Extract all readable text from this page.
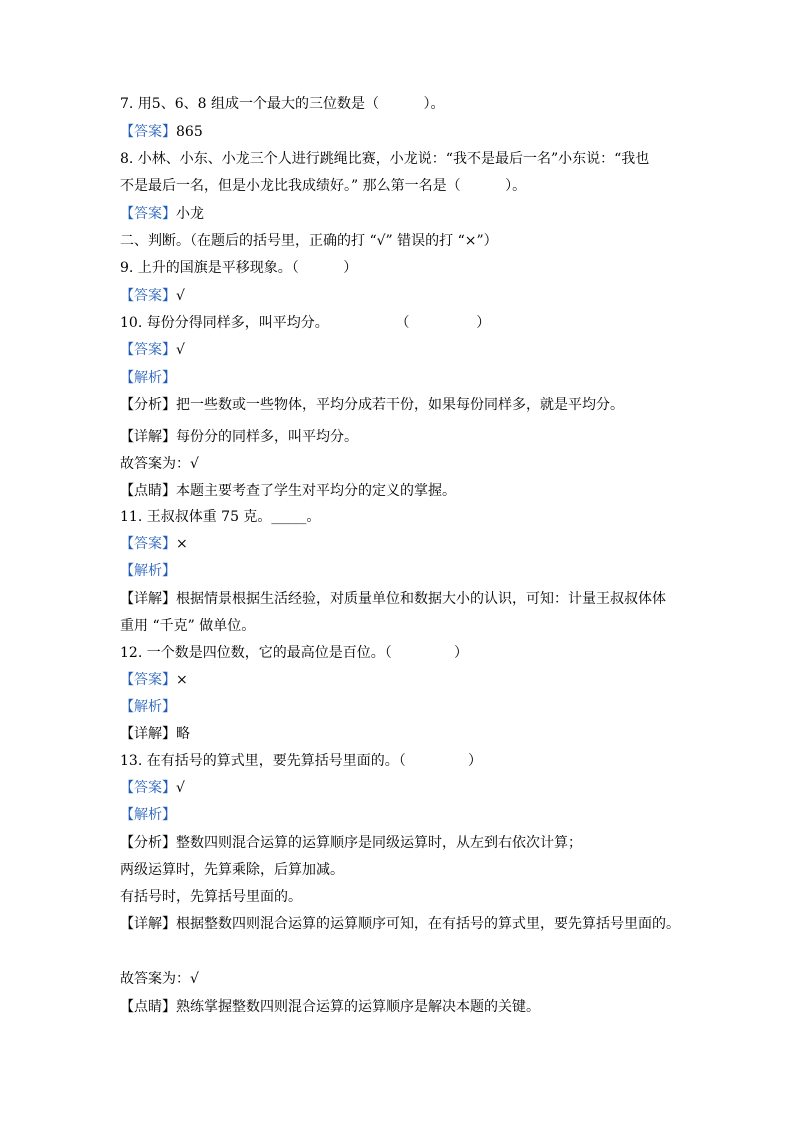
7. 用5、6、8 组成一个最大的三位数是（          ）。
【答案】865
8. 小林、小东、小龙三个人进行跳绳比赛，小龙说：“我不是最后一名”小东说：“我也
不是最后一名，但是小龙比我成绩好。” 那么第一名是（          ）。
【答案】小龙
二、判断。（在题后的括号里，正确的打 “√” 错误的打 “×”）
9. 上升的国旗是平移现象。（          ）
【答案】√
10. 每份分得同样多，叫平均分。               （               ）
【答案】√
【解析】
【分析】把一些数或一些物体，平均分成若干份，如果每份同样多，就是平均分。
【详解】每份分的同样多，叫平均分。
故答案为：√
【点睛】本题主要考查了学生对平均分的定义的掌握。
11. 王叔叔体重 75 克。_____。
【答案】×
【解析】
【详解】根据情景根据生活经验，对质量单位和数据大小的认识，可知：计量王叔叔体体
重用 “千克” 做单位。
12. 一个数是四位数，它的最高位是百位。（              ）
【答案】×
【解析】
【详解】略
13. 在有括号的算式里，要先算括号里面的。（              ）
【答案】√
【解析】
【分析】整数四则混合运算的运算顺序是同级运算时，从左到右依次计算；
两级运算时，先算乘除，后算加减。
有括号时，先算括号里面的。
【详解】根据整数四则混合运算的运算顺序可知，在有括号的算式里，要先算括号里面的。
故答案为：√
【点睛】熟练掌握整数四则混合运算的运算顺序是解决本题的关键。
